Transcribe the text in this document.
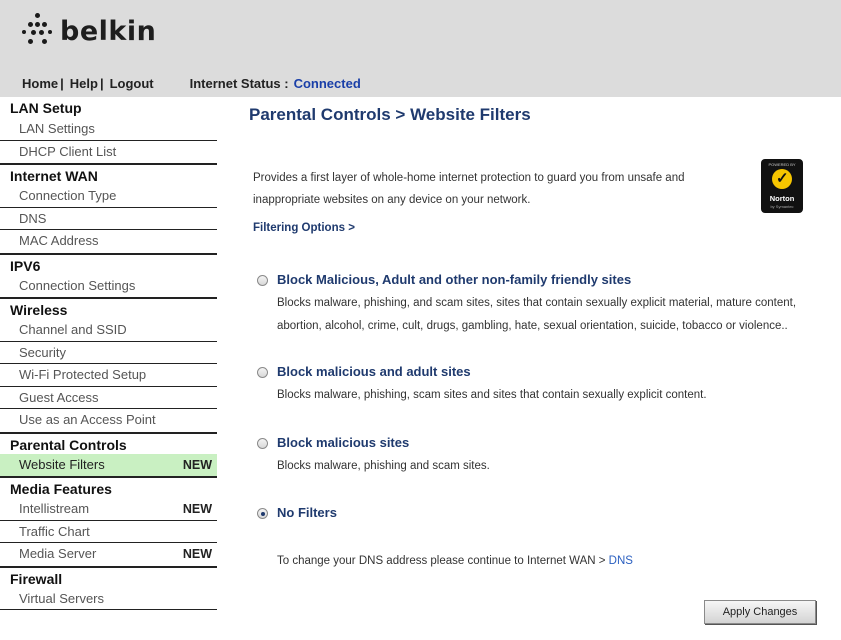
belkin
Home | Help | Logout	Internet Status : Connected
LAN Setup
LAN Settings
DHCP Client List
Internet WAN
Connection Type
DNS
MAC Address
IPV6
Connection Settings
Wireless
Channel and SSID
Security
Wi-Fi Protected Setup
Guest Access
Use as an Access Point
Parental Controls
Website Filters	NEW
Media Features
Intellistream	NEW
Traffic Chart
Media Server	NEW
Firewall
Virtual Servers
Parental Controls > Website Filters
Provides a first layer of whole-home internet protection to guard you from unsafe and inappropriate websites on any device on your network.
POWERED BY
✓
Norton
by Symantec
Filtering Options >
Block Malicious, Adult and other non-family friendly sites
Blocks malware, phishing, and scam sites, sites that contain sexually explicit material, mature content, abortion, alcohol, crime, cult, drugs, gambling, hate, sexual orientation, suicide, tobacco or violence..
Block malicious and adult sites
Blocks malware, phishing, scam sites and sites that contain sexually explicit content.
Block malicious sites
Blocks malware, phishing and scam sites.
No Filters
To change your DNS address please continue to Internet WAN > DNS
Apply Changes
